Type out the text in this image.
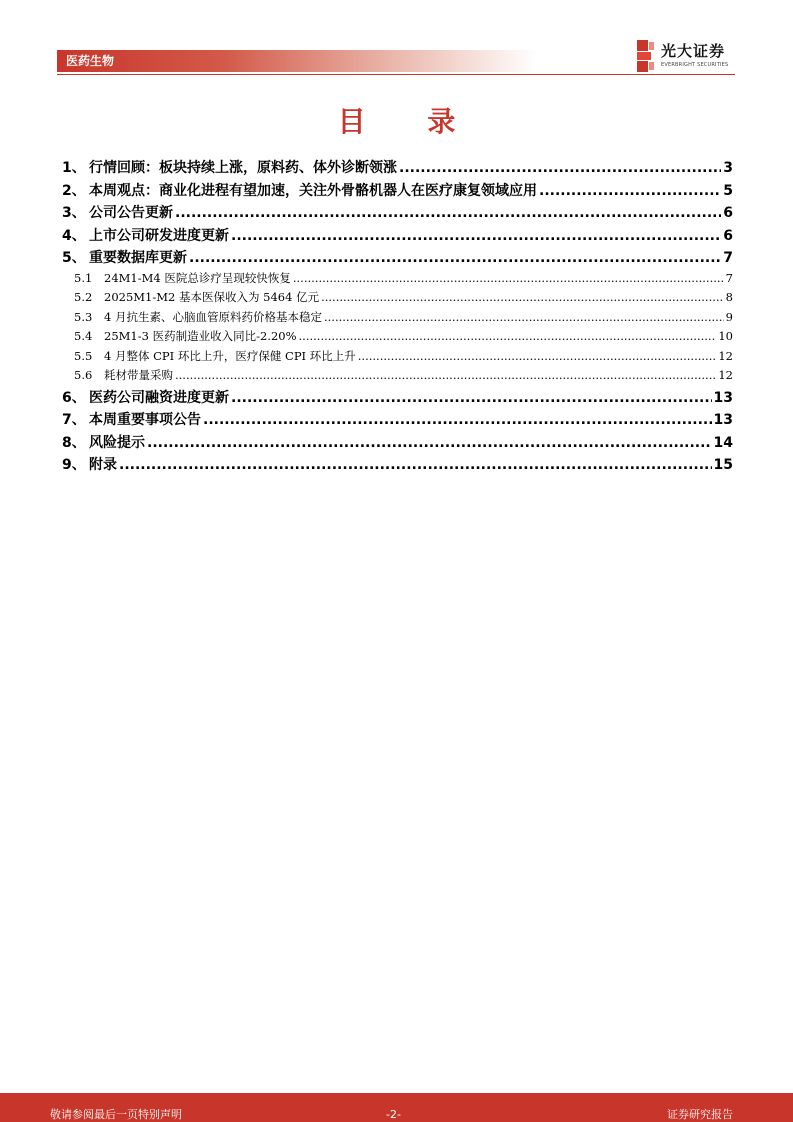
医药生物
光大证券
EVERBRIGHT SECURITIES
目 录
1、 行情回顾：板块持续上涨，原料药、体外诊断领涨 .....	3
2、 本周观点：商业化进程有望加速，关注外骨骼机器人在医疗康复领域应用 .....	5
3、 公司公告更新 .....	6
4、 上市公司研发进度更新 .....	6
5、 重要数据库更新 .....	7
5.1	24M1-M4 医院总诊疗呈现较快恢复 .....	7
5.2	2025M1-M2 基本医保收入为 5464 亿元 .....	8
5.3	4 月抗生素、心脑血管原料药价格基本稳定 .....	9
5.4	25M1-3 医药制造业收入同比-2.20% .....	10
5.5	4 月整体 CPI 环比上升，医疗保健 CPI 环比上升 .....	12
5.6	耗材带量采购 .....	12
6、 医药公司融资进度更新 .....	13
7、 本周重要事项公告 .....	13
8、 风险提示 .....	14
9、 附录 .....	15
敬请参阅最后一页特别声明	-2-	证券研究报告
